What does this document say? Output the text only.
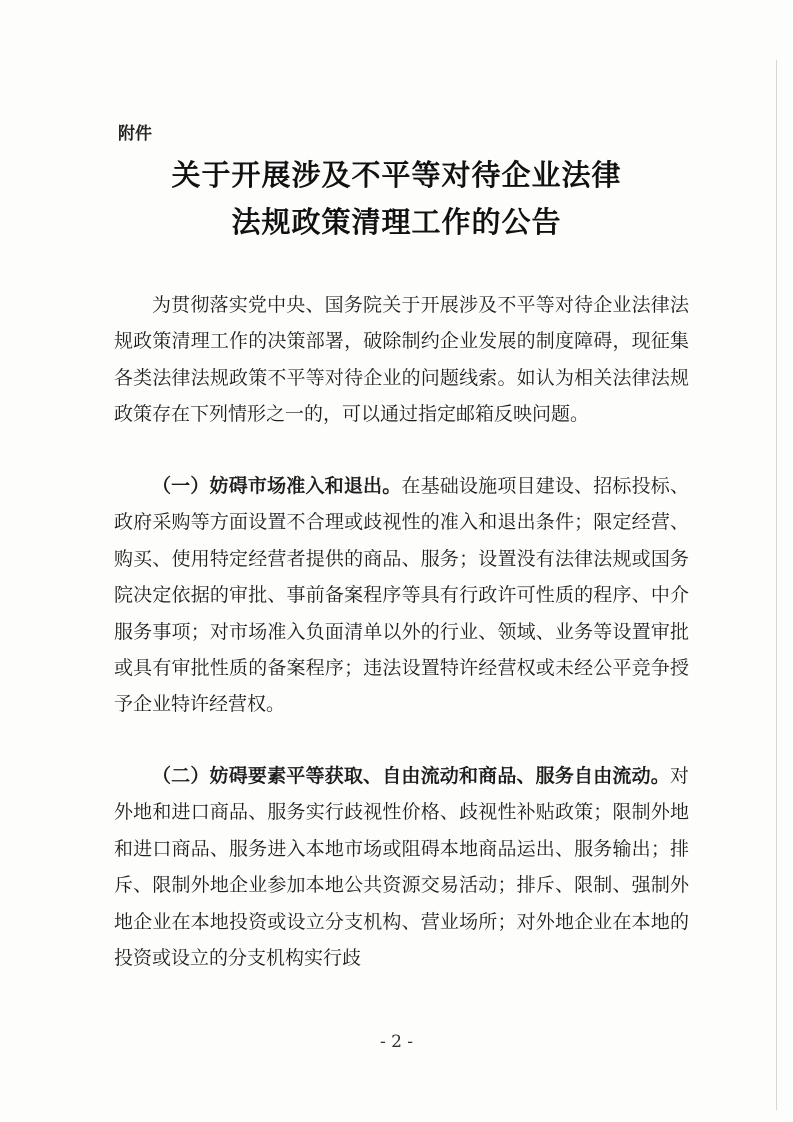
附件
关于开展涉及不平等对待企业法律
法规政策清理工作的公告

为贯彻落实党中央、国务院关于开展涉及不平等对待企业法律法规政策清理工作的决策部署，破除制约企业发展的制度障碍，现征集各类法律法规政策不平等对待企业的问题线索。如认为相关法律法规政策存在下列情形之一的，可以通过指定邮箱反映问题。

（一）妨碍市场准入和退出。在基础设施项目建设、招标投标、政府采购等方面设置不合理或歧视性的准入和退出条件；限定经营、购买、使用特定经营者提供的商品、服务；设置没有法律法规或国务院决定依据的审批、事前备案程序等具有行政许可性质的程序、中介服务事项；对市场准入负面清单以外的行业、领域、业务等设置审批或具有审批性质的备案程序；违法设置特许经营权或未经公平竞争授予企业特许经营权。

（二）妨碍要素平等获取、自由流动和商品、服务自由流动。对外地和进口商品、服务实行歧视性价格、歧视性补贴政策；限制外地和进口商品、服务进入本地市场或阻碍本地商品运出、服务输出；排斥、限制外地企业参加本地公共资源交易活动；排斥、限制、强制外地企业在本地投资或设立分支机构、营业场所；对外地企业在本地的投资或设立的分支机构实行歧

- 2 -
